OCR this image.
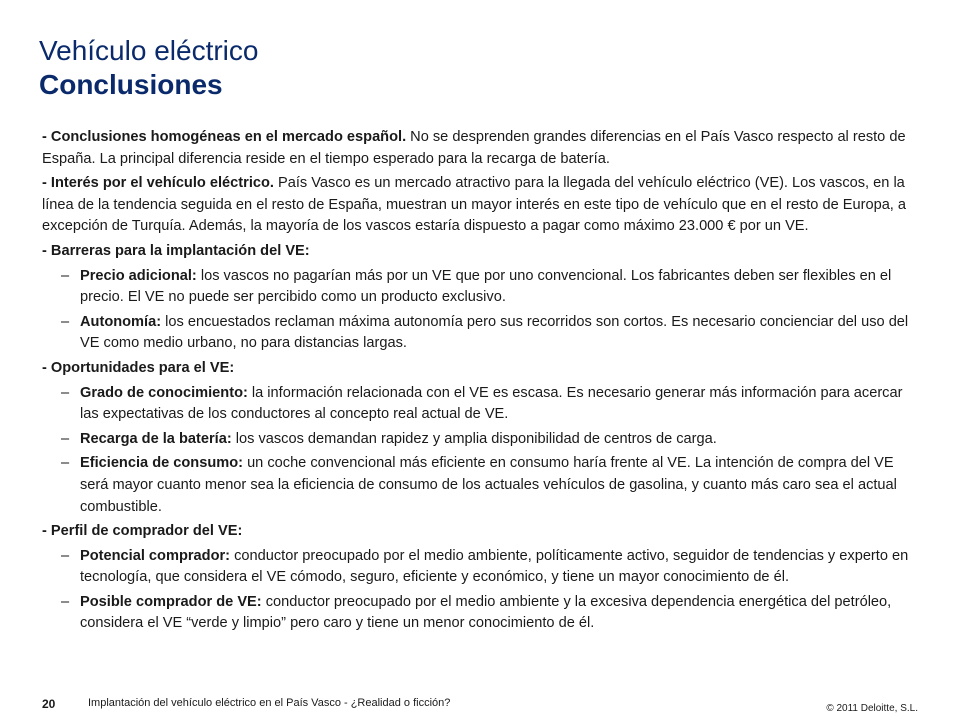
Vehículo eléctrico
Conclusiones

- Conclusiones homogéneas en el mercado español. No se desprenden grandes diferencias en el País Vasco respecto al resto de España. La principal diferencia reside en el tiempo esperado para la recarga de batería.

- Interés por el vehículo eléctrico. País Vasco es un mercado atractivo para la llegada del vehículo eléctrico (VE). Los vascos, en la línea de la tendencia seguida en el resto de España, muestran un mayor interés en este tipo de vehículo que en el resto de Europa, a excepción de Turquía. Además, la mayoría de los vascos estaría dispuesto a pagar como máximo 23.000 € por un VE.

- Barreras para la implantación del VE:
– Precio adicional: los vascos no pagarían más por un VE que por uno convencional. Los fabricantes deben ser flexibles en el precio. El VE no puede ser percibido como un producto exclusivo.
– Autonomía: los encuestados reclaman máxima autonomía pero sus recorridos son cortos. Es necesario concienciar del uso del VE como medio urbano, no para distancias largas.
- Oportunidades para el VE:
– Grado de conocimiento: la información relacionada con el VE es escasa. Es necesario generar más información para acercar las expectativas de los conductores al concepto real actual de VE.
– Recarga de la batería: los vascos demandan rapidez y amplia disponibilidad de centros de carga.
– Eficiencia de consumo: un coche convencional más eficiente en consumo haría frente al VE. La intención de compra del VE será mayor cuanto menor sea la eficiencia de consumo de los actuales vehículos de gasolina, y cuanto más caro sea el actual combustible.
- Perfil de comprador del VE:
– Potencial comprador: conductor preocupado por el medio ambiente, políticamente activo, seguidor de tendencias y experto en tecnología, que considera el VE cómodo, seguro, eficiente y económico, y tiene un mayor conocimiento de él.
– Posible comprador de VE: conductor preocupado por el medio ambiente y la excesiva dependencia energética del petróleo, considera el VE “verde y limpio” pero caro y tiene un menor conocimiento de él.
20	Implantación del vehículo eléctrico en el País Vasco - ¿Realidad o ficción?	© 2011 Deloitte, S.L.
